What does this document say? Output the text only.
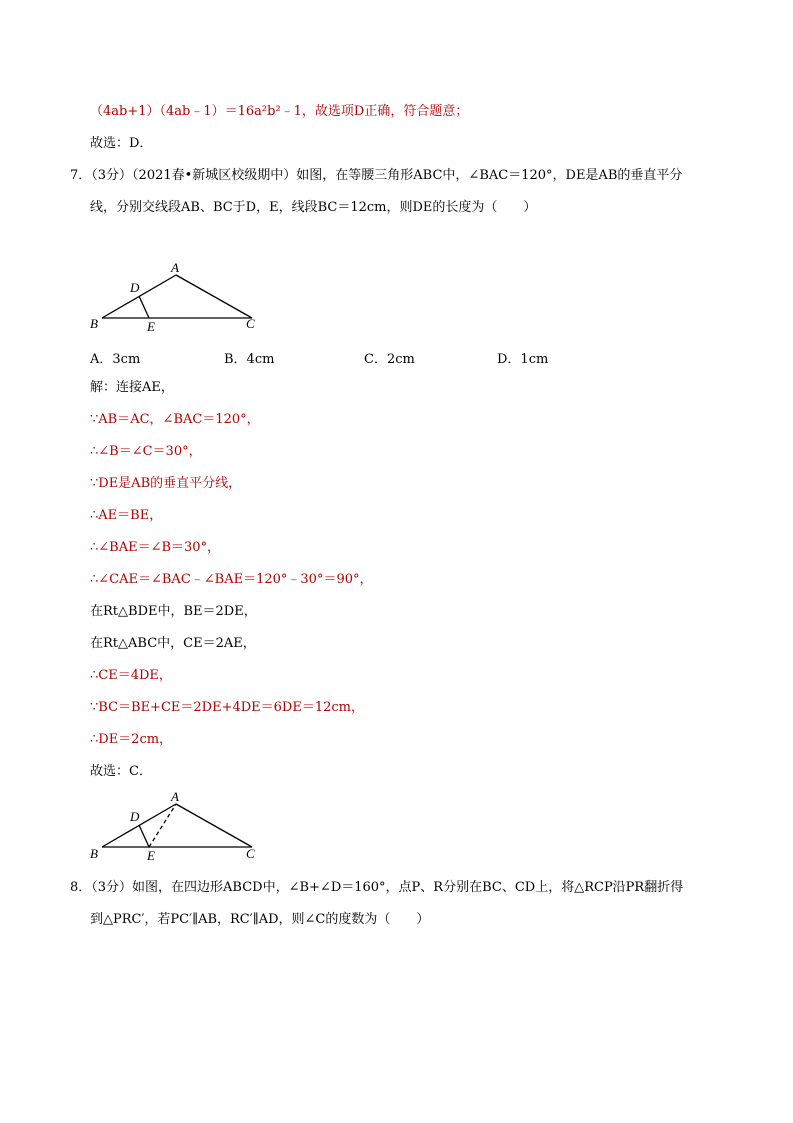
（4ab+1）（4ab﹣1）＝16a²b²﹣1，故选项D正确，符合题意；
故选：D．
7．（3分）（2021春•新城区校级期中）如图，在等腰三角形ABC中，∠BAC＝120°，DE是AB的垂直平分
线，分别交线段AB、BC于D，E，线段BC＝12cm，则DE的长度为（　　）
A
D
B	E	C
A．3cm	B．4cm	C．2cm	D．1cm
解：连接AE，
∵AB＝AC，∠BAC＝120°，
∴∠B＝∠C＝30°，
∵DE是AB的垂直平分线，
∴AE＝BE，
∴∠BAE＝∠B＝30°，
∴∠CAE＝∠BAC﹣∠BAE＝120°﹣30°＝90°，
在Rt△BDE中，BE＝2DE，
在Rt△ABC中，CE＝2AE，
∴CE＝4DE，
∵BC＝BE+CE＝2DE+4DE＝6DE＝12cm，
∴DE＝2cm，
故选：C．
A
D
B	E	C
8．（3分）如图，在四边形ABCD中，∠B+∠D＝160°，点P、R分别在BC、CD上，将△RCP沿PR翻折得
到△PRC′，若PC′∥AB，RC′∥AD，则∠C的度数为（　　）
